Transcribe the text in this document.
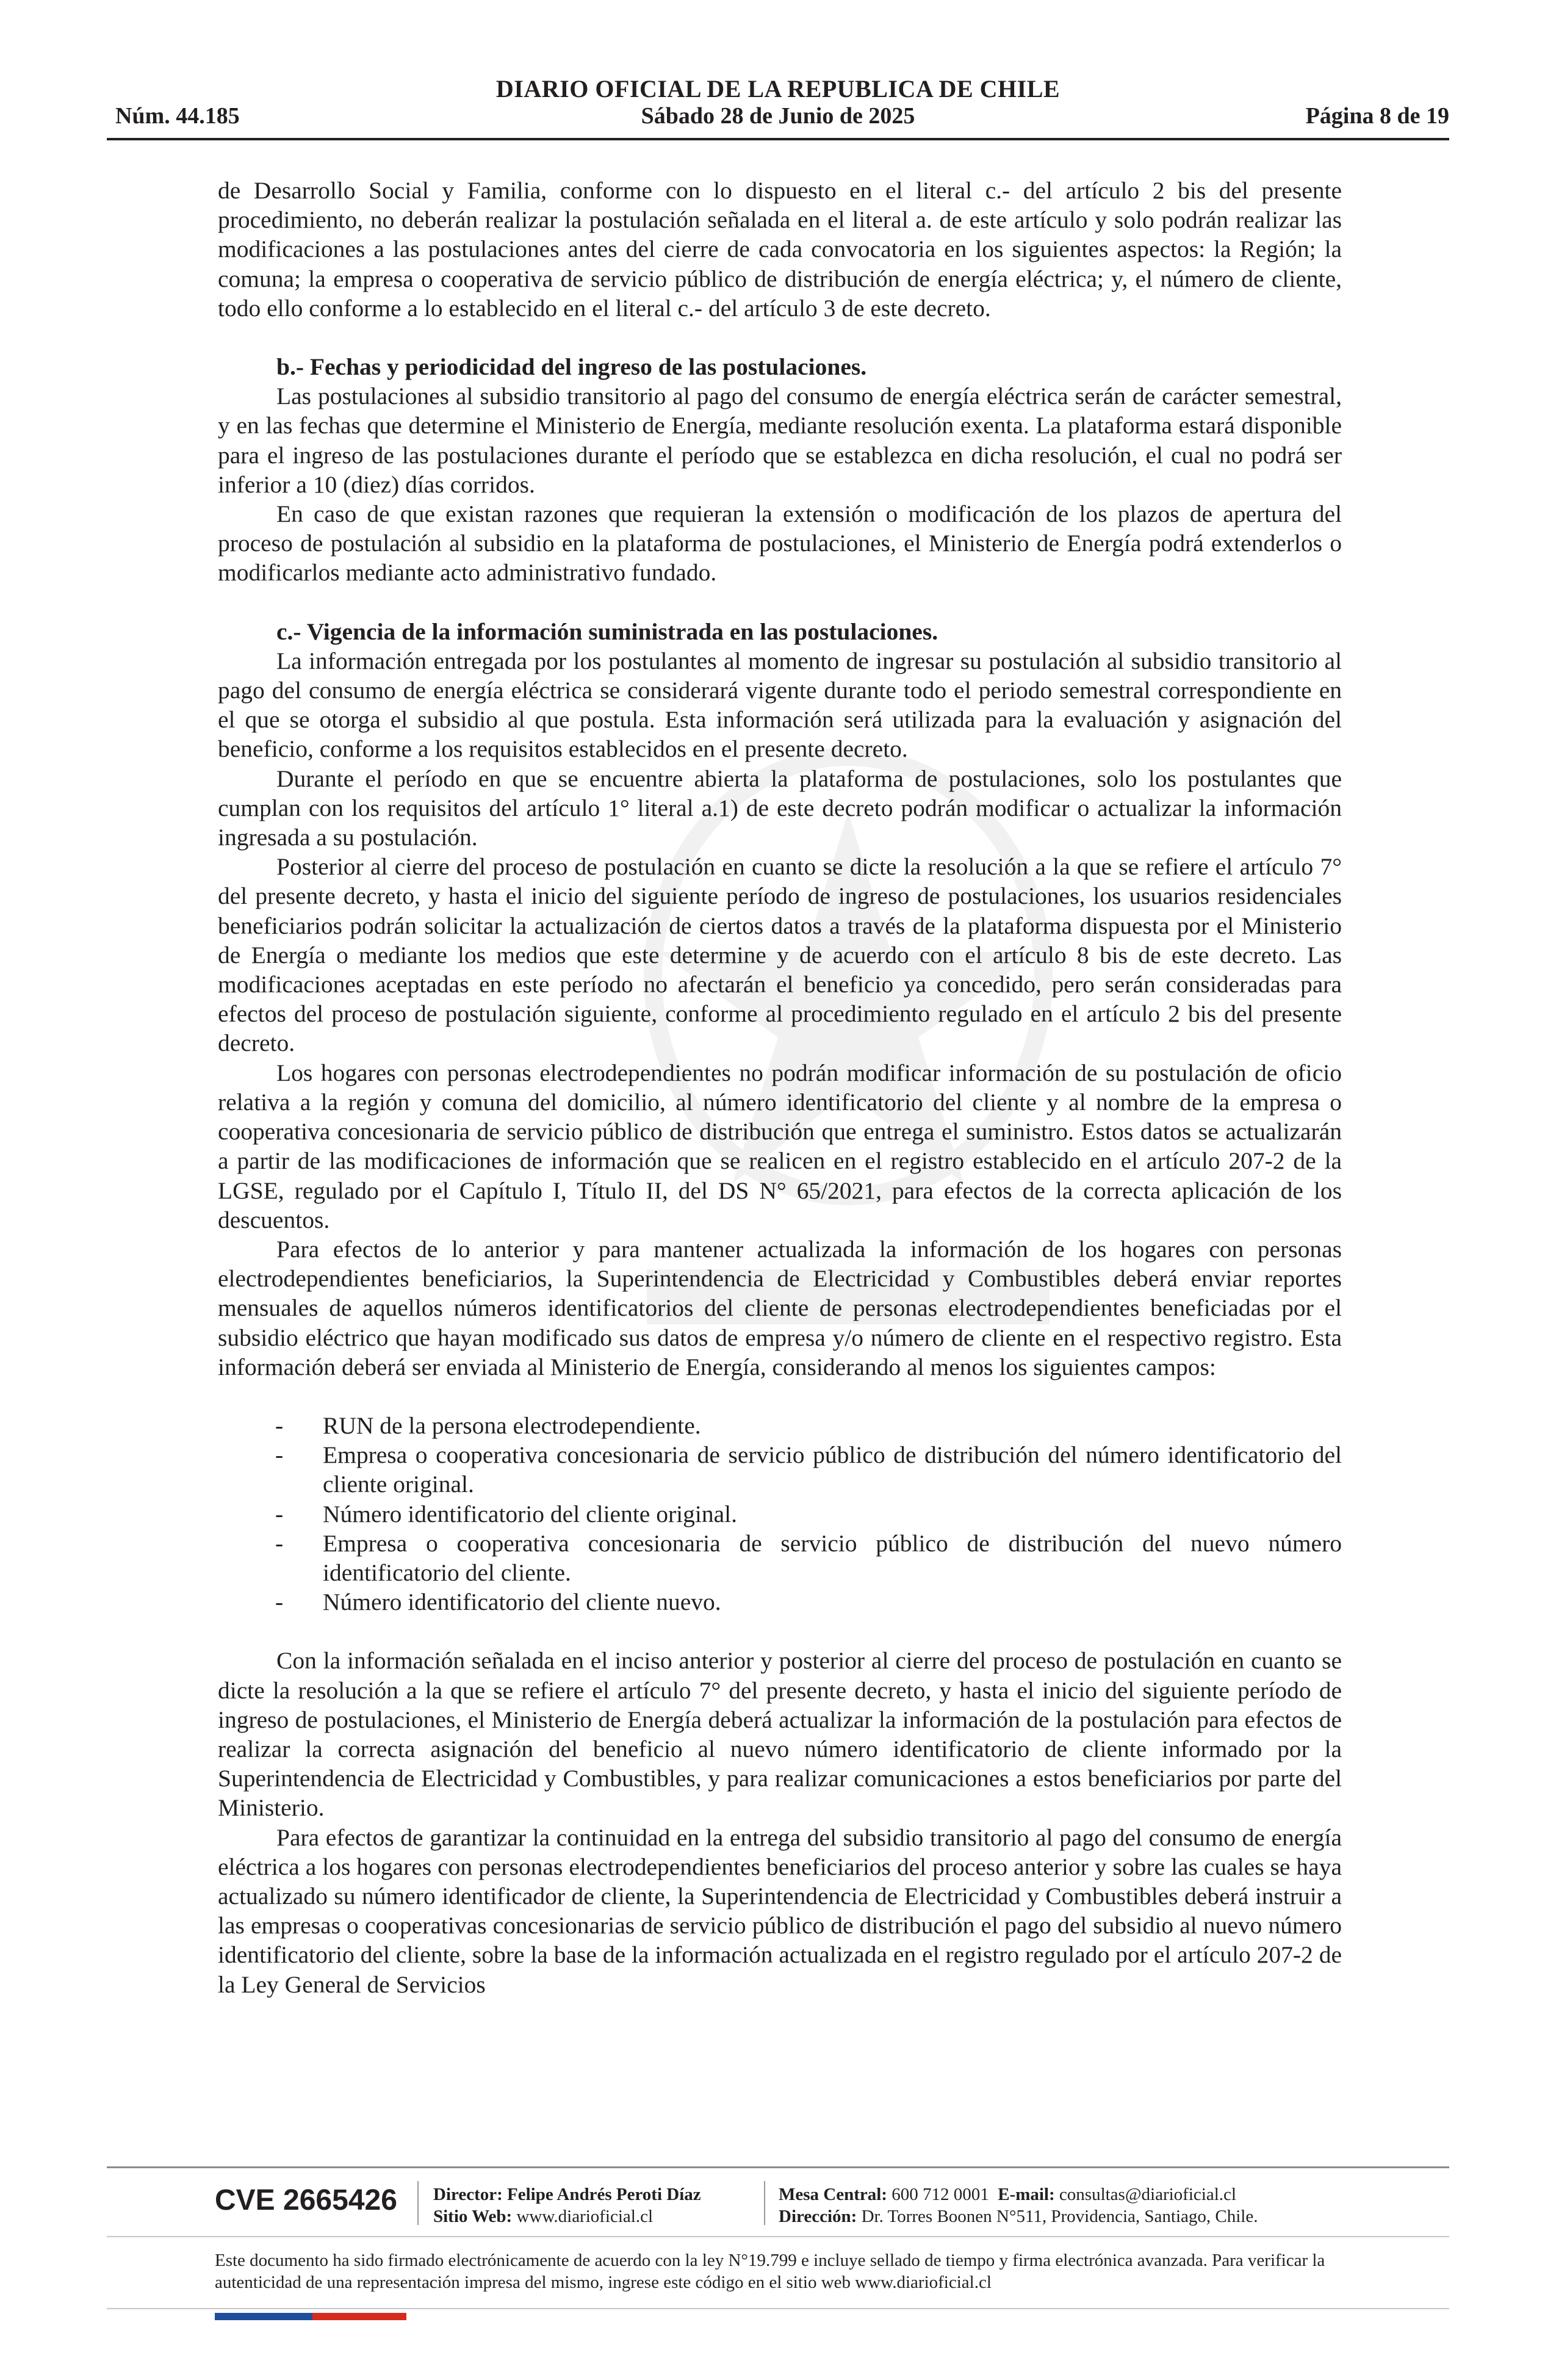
DIARIO OFICIAL DE LA REPUBLICA DE CHILE
Núm. 44.185	Sábado 28 de Junio de 2025	Página 8 de 19

de Desarrollo Social y Familia, conforme con lo dispuesto en el literal c.- del artículo 2 bis del presente procedimiento, no deberán realizar la postulación señalada en el literal a. de este artículo y solo podrán realizar las modificaciones a las postulaciones antes del cierre de cada convocatoria en los siguientes aspectos: la Región; la comuna; la empresa o cooperativa de servicio público de distribución de energía eléctrica; y, el número de cliente, todo ello conforme a lo establecido en el literal c.- del artículo 3 de este decreto.

b.- Fechas y periodicidad del ingreso de las postulaciones.

Las postulaciones al subsidio transitorio al pago del consumo de energía eléctrica serán de carácter semestral, y en las fechas que determine el Ministerio de Energía, mediante resolución exenta. La plataforma estará disponible para el ingreso de las postulaciones durante el período que se establezca en dicha resolución, el cual no podrá ser inferior a 10 (diez) días corridos.

En caso de que existan razones que requieran la extensión o modificación de los plazos de apertura del proceso de postulación al subsidio en la plataforma de postulaciones, el Ministerio de Energía podrá extenderlos o modificarlos mediante acto administrativo fundado.

c.- Vigencia de la información suministrada en las postulaciones.

La información entregada por los postulantes al momento de ingresar su postulación al subsidio transitorio al pago del consumo de energía eléctrica se considerará vigente durante todo el periodo semestral correspondiente en el que se otorga el subsidio al que postula. Esta información será utilizada para la evaluación y asignación del beneficio, conforme a los requisitos establecidos en el presente decreto.

Durante el período en que se encuentre abierta la plataforma de postulaciones, solo los postulantes que cumplan con los requisitos del artículo 1° literal a.1) de este decreto podrán modificar o actualizar la información ingresada a su postulación.

Posterior al cierre del proceso de postulación en cuanto se dicte la resolución a la que se refiere el artículo 7° del presente decreto, y hasta el inicio del siguiente período de ingreso de postulaciones, los usuarios residenciales beneficiarios podrán solicitar la actualización de ciertos datos a través de la plataforma dispuesta por el Ministerio de Energía o mediante los medios que este determine y de acuerdo con el artículo 8 bis de este decreto. Las modificaciones aceptadas en este período no afectarán el beneficio ya concedido, pero serán consideradas para efectos del proceso de postulación siguiente, conforme al procedimiento regulado en el artículo 2 bis del presente decreto.

Los hogares con personas electrodependientes no podrán modificar información de su postulación de oficio relativa a la región y comuna del domicilio, al número identificatorio del cliente y al nombre de la empresa o cooperativa concesionaria de servicio público de distribución que entrega el suministro. Estos datos se actualizarán a partir de las modificaciones de información que se realicen en el registro establecido en el artículo 207-2 de la LGSE, regulado por el Capítulo I, Título II, del DS N° 65/2021, para efectos de la correcta aplicación de los descuentos.

Para efectos de lo anterior y para mantener actualizada la información de los hogares con personas electrodependientes beneficiarios, la Superintendencia de Electricidad y Combustibles deberá enviar reportes mensuales de aquellos números identificatorios del cliente de personas electrodependientes beneficiadas por el subsidio eléctrico que hayan modificado sus datos de empresa y/o número de cliente en el respectivo registro. Esta información deberá ser enviada al Ministerio de Energía, considerando al menos los siguientes campos:

- RUN de la persona electrodependiente.
- Empresa o cooperativa concesionaria de servicio público de distribución del número identificatorio del cliente original.
- Número identificatorio del cliente original.
- Empresa o cooperativa concesionaria de servicio público de distribución del nuevo número identificatorio del cliente.
- Número identificatorio del cliente nuevo.

Con la información señalada en el inciso anterior y posterior al cierre del proceso de postulación en cuanto se dicte la resolución a la que se refiere el artículo 7° del presente decreto, y hasta el inicio del siguiente período de ingreso de postulaciones, el Ministerio de Energía deberá actualizar la información de la postulación para efectos de realizar la correcta asignación del beneficio al nuevo número identificatorio de cliente informado por la Superintendencia de Electricidad y Combustibles, y para realizar comunicaciones a estos beneficiarios por parte del Ministerio.

Para efectos de garantizar la continuidad en la entrega del subsidio transitorio al pago del consumo de energía eléctrica a los hogares con personas electrodependientes beneficiarios del proceso anterior y sobre las cuales se haya actualizado su número identificador de cliente, la Superintendencia de Electricidad y Combustibles deberá instruir a las empresas o cooperativas concesionarias de servicio público de distribución el pago del subsidio al nuevo número identificatorio del cliente, sobre la base de la información actualizada en el registro regulado por el artículo 207-2 de la Ley General de Servicios

CVE 2665426 Director: Felipe Andrés Peroti Díaz
Sitio Web: www.diarioficial.cl
Mesa Central: 600 712 0001 E-mail: consultas@diarioficial.cl
Dirección: Dr. Torres Boonen N°511, Providencia, Santiago, Chile.
Este documento ha sido firmado electrónicamente de acuerdo con la ley N°19.799 e incluye sellado de tiempo y firma electrónica avanzada. Para verificar la autenticidad de una representación impresa del mismo, ingrese este código en el sitio web www.diarioficial.cl
